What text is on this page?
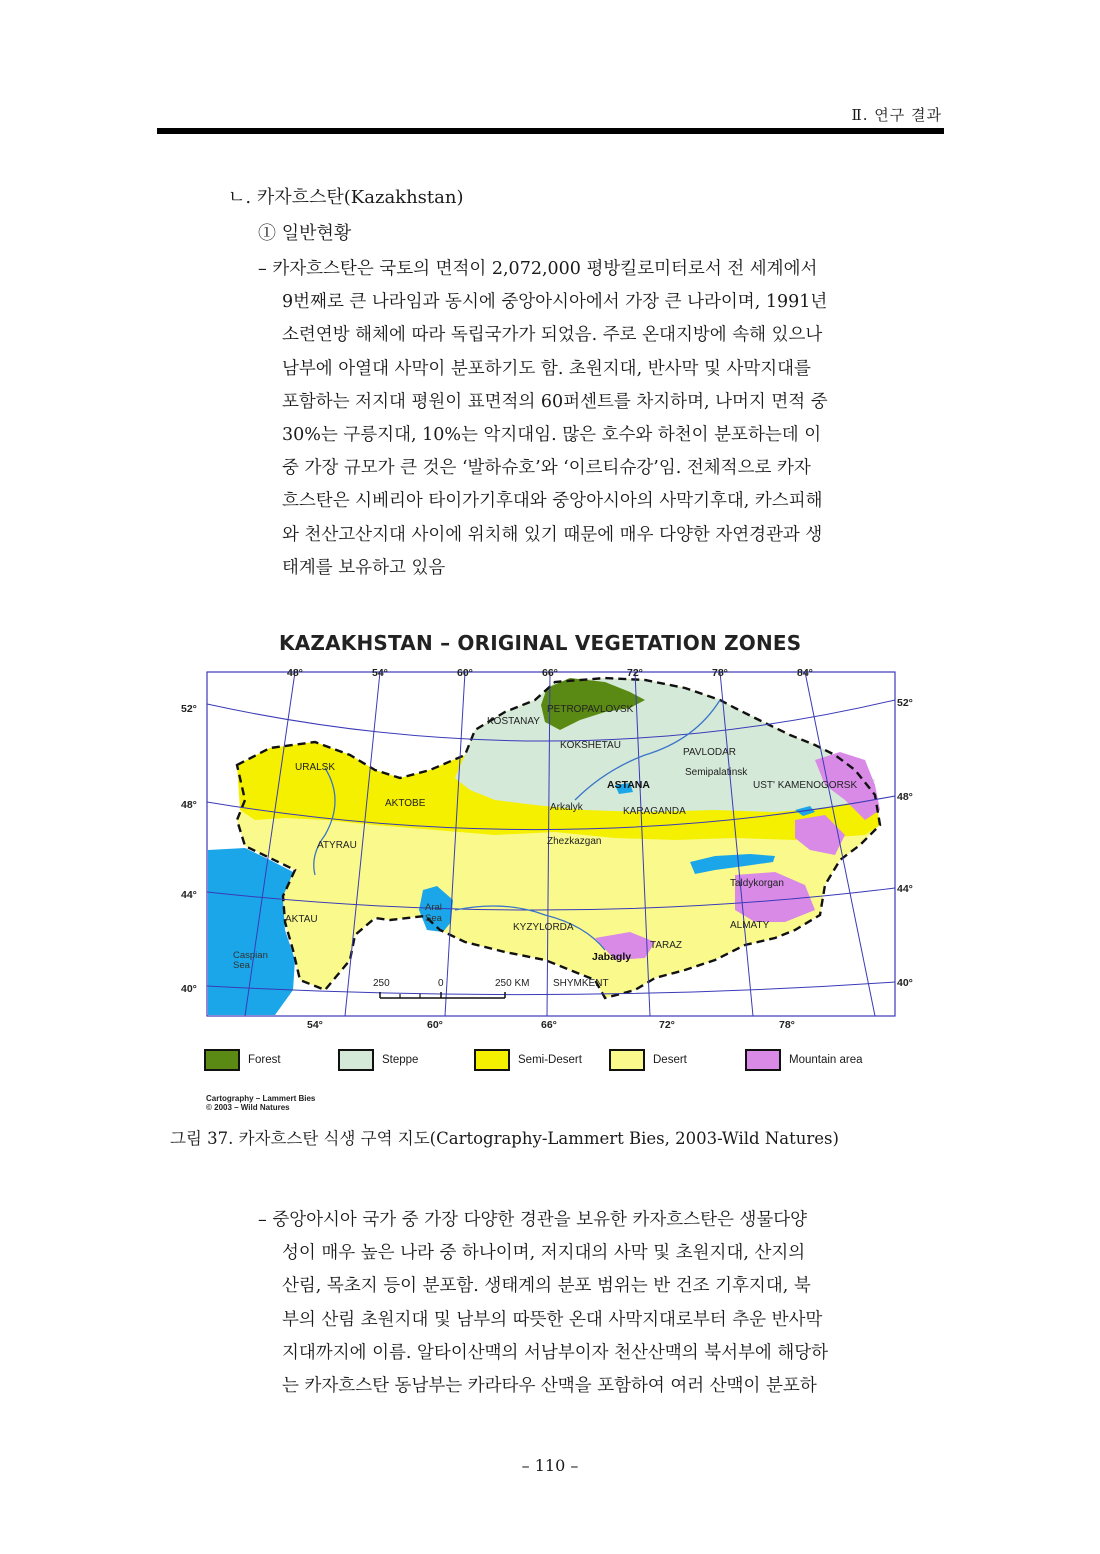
Ⅱ. 연구 결과
ㄴ. 카자흐스탄(Kazakhstan)
① 일반현황
– 카자흐스탄은 국토의 면적이 2,072,000 평방킬로미터로서 전 세계에서
9번째로 큰 나라임과 동시에 중앙아시아에서 가장 큰 나라이며, 1991년
소련연방 해체에 따라 독립국가가 되었음. 주로 온대지방에 속해 있으나
남부에 아열대 사막이 분포하기도 함. 초원지대, 반사막 및 사막지대를
포함하는 저지대 평원이 표면적의 60퍼센트를 차지하며, 나머지 면적 중
30%는 구릉지대, 10%는 악지대임. 많은 호수와 하천이 분포하는데 이
중 가장 규모가 큰 것은 ‘발하슈호’와 ‘이르티슈강’임. 전체적으로 카자
흐스탄은 시베리아 타이가기후대와 중앙아시아의 사막기후대, 카스피해
와 천산고산지대 사이에 위치해 있기 때문에 매우 다양한 자연경관과 생
태계를 보유하고 있음
KAZAKHSTAN – ORIGINAL VEGETATION ZONES
48°	54°	60°	66°	72°	78°	84°
54°	60°	66°	72°	78°
52°
48°
44°
40°
52°
48°
44°
40°
PETROPAVLOVSK
KOSTANAY
KOKSHETAU
PAVLODAR
Semipalatinsk
UST' KAMENOGORSK
URALSK
AKTOBE
ASTANA
Arkalyk	KARAGANDA
ATYRAU	Zhezkazgan
Taldykorgan
AKTAU
KYZYLORDA	ALMATY
TARAZ
Jabagly
SHYMKENT
Caspian
Sea
Aral
Sea
250	0	250 KM
Forest	Steppe	Semi-Desert	Desert	Mountain area
Cartography – Lammert Bies
© 2003 – Wild Natures
그림 37. 카자흐스탄 식생 구역 지도(Cartography-Lammert Bies, 2003-Wild Natures)
– 중앙아시아 국가 중 가장 다양한 경관을 보유한 카자흐스탄은 생물다양
성이 매우 높은 나라 중 하나이며, 저지대의 사막 및 초원지대, 산지의
산림, 목초지 등이 분포함. 생태계의 분포 범위는 반 건조 기후지대, 북
부의 산림 초원지대 및 남부의 따뜻한 온대 사막지대로부터 추운 반사막
지대까지에 이름. 알타이산맥의 서남부이자 천산산맥의 북서부에 해당하
는 카자흐스탄 동남부는 카라타우 산맥을 포함하여 여러 산맥이 분포하
– 110 –
